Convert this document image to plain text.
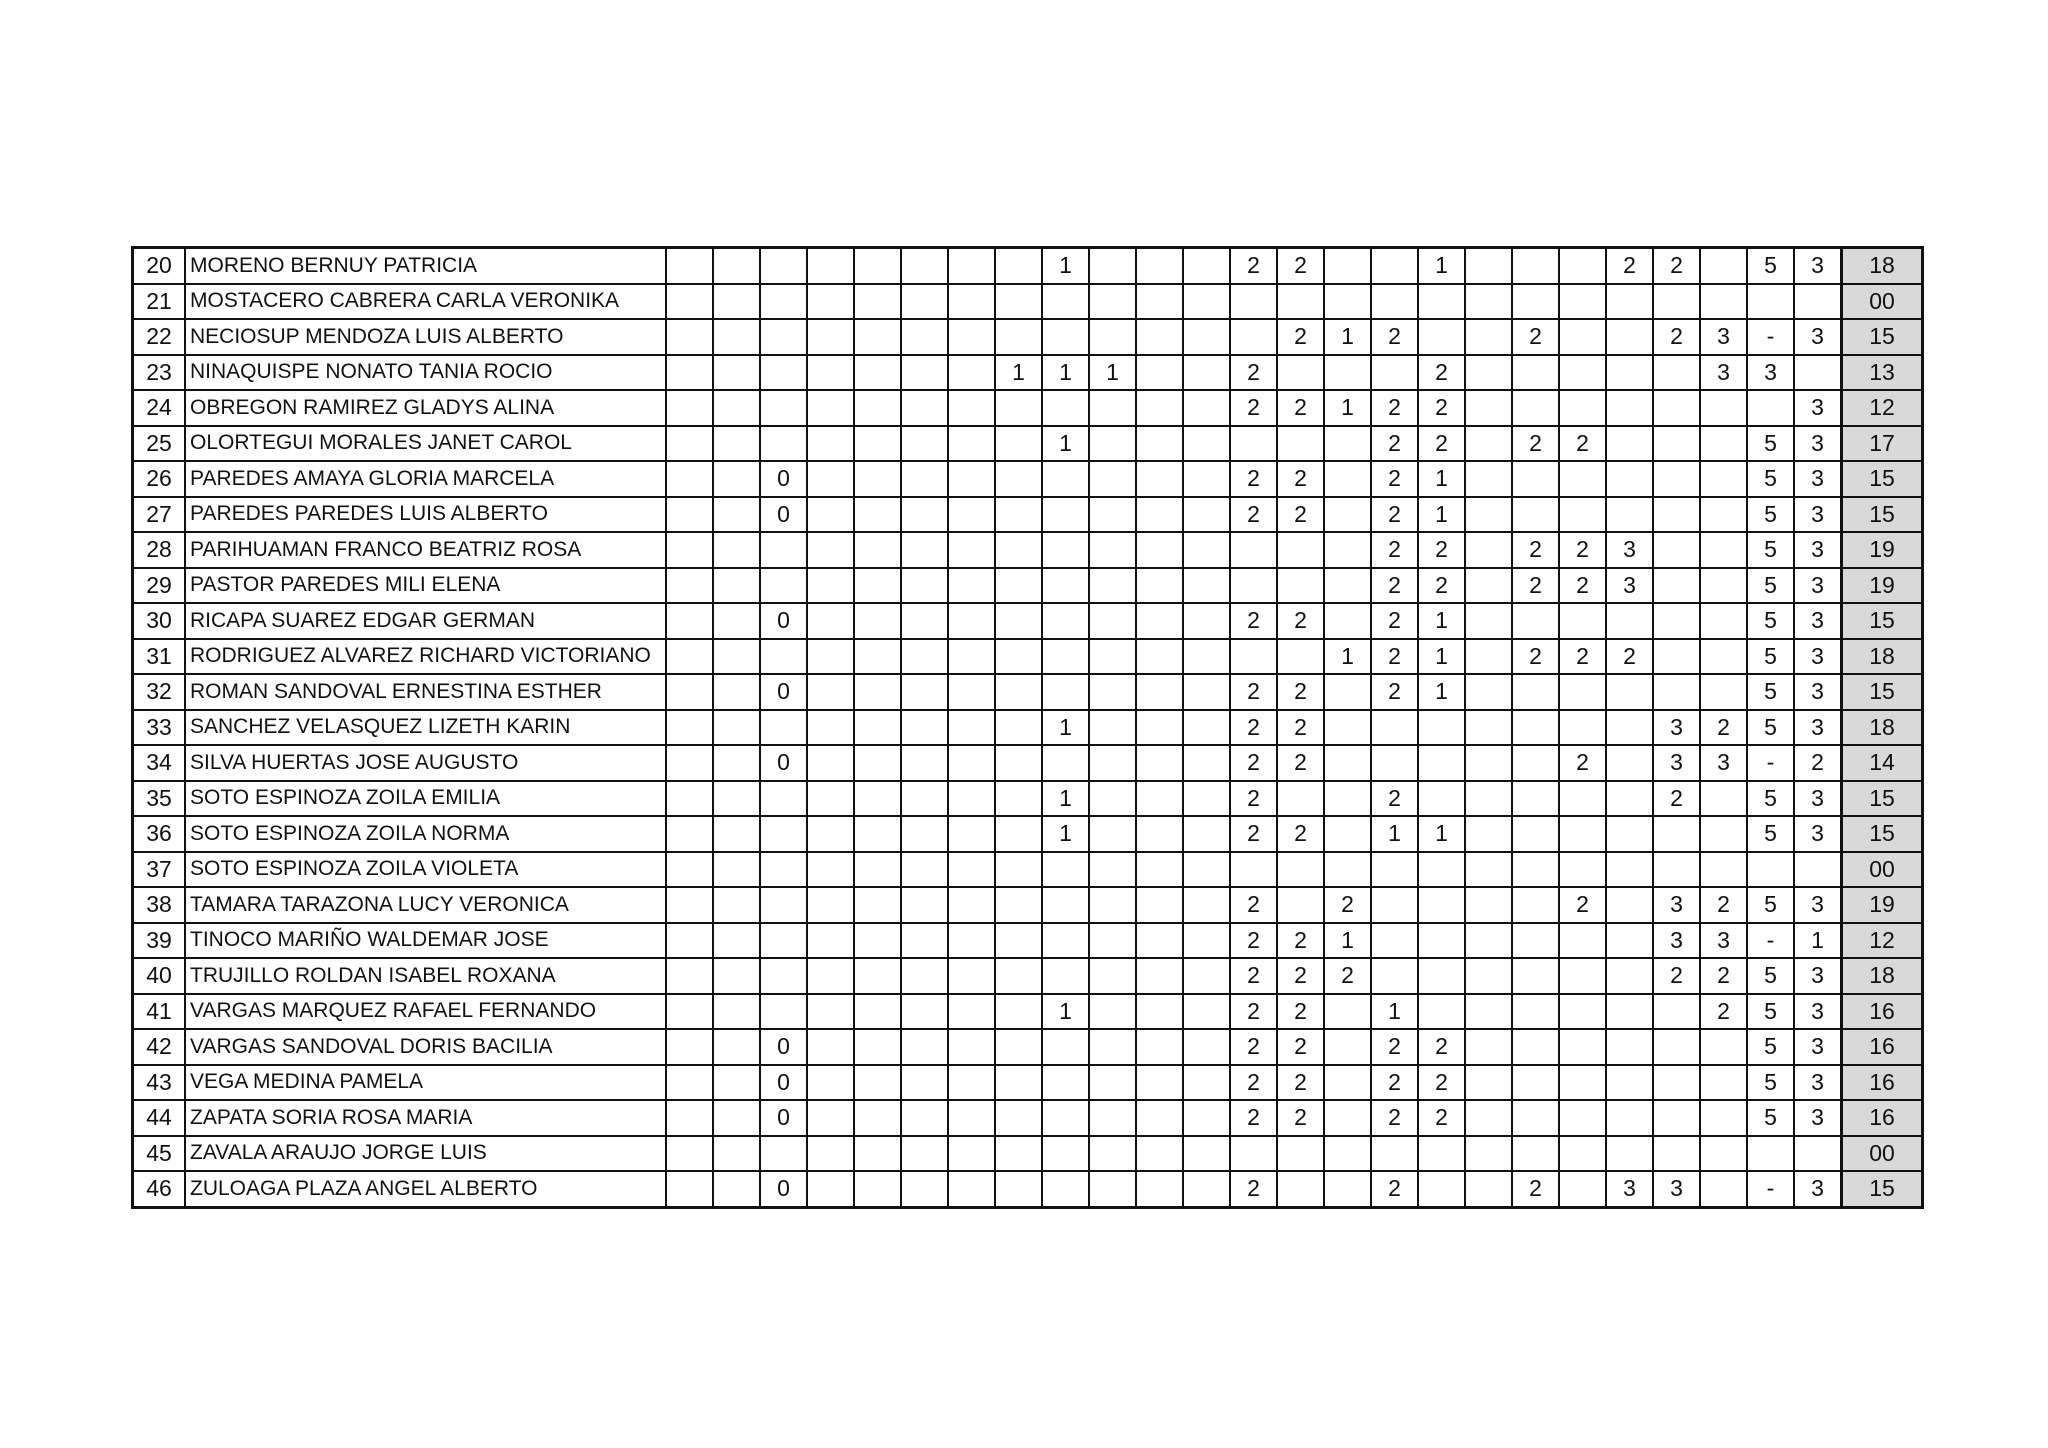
20	MORENO BERNUY PATRICIA									1				2	2			1				2	2		5	3	18
21	MOSTACERO CABRERA CARLA VERONIKA																										00
22	NECIOSUP MENDOZA LUIS ALBERTO														2	1	2			2			2	3	-	3	15
23	NINAQUISPE NONATO TANIA ROCIO								1	1	1			2				2						3	3		13
24	OBREGON RAMIREZ GLADYS ALINA													2	2	1	2	2								3	12
25	OLORTEGUI MORALES JANET CAROL									1							2	2		2	2				5	3	17
26	PAREDES AMAYA GLORIA MARCELA			0										2	2		2	1							5	3	15
27	PAREDES PAREDES LUIS ALBERTO			0										2	2		2	1							5	3	15
28	PARIHUAMAN FRANCO BEATRIZ ROSA																2	2		2	2	3			5	3	19
29	PASTOR PAREDES MILI ELENA																2	2		2	2	3			5	3	19
30	RICAPA SUAREZ EDGAR GERMAN			0										2	2		2	1							5	3	15
31	RODRIGUEZ ALVAREZ RICHARD VICTORIANO															1	2	1		2	2	2			5	3	18
32	ROMAN SANDOVAL ERNESTINA ESTHER			0										2	2		2	1							5	3	15
33	SANCHEZ VELASQUEZ LIZETH KARIN									1				2	2								3	2	5	3	18
34	SILVA HUERTAS JOSE AUGUSTO			0										2	2						2		3	3	-	2	14
35	SOTO ESPINOZA ZOILA EMILIA									1				2			2						2		5	3	15
36	SOTO ESPINOZA ZOILA NORMA									1				2	2		1	1							5	3	15
37	SOTO ESPINOZA ZOILA VIOLETA																										00
38	TAMARA TARAZONA LUCY VERONICA													2		2					2		3	2	5	3	19
39	TINOCO MARIÑO WALDEMAR JOSE													2	2	1							3	3	-	1	12
40	TRUJILLO ROLDAN ISABEL ROXANA													2	2	2							2	2	5	3	18
41	VARGAS MARQUEZ RAFAEL FERNANDO									1				2	2		1							2	5	3	16
42	VARGAS SANDOVAL DORIS BACILIA			0										2	2		2	2							5	3	16
43	VEGA MEDINA PAMELA			0										2	2		2	2							5	3	16
44	ZAPATA SORIA ROSA MARIA			0										2	2		2	2							5	3	16
45	ZAVALA ARAUJO JORGE LUIS																										00
46	ZULOAGA PLAZA ANGEL ALBERTO			0										2			2			2		3	3		-	3	15
